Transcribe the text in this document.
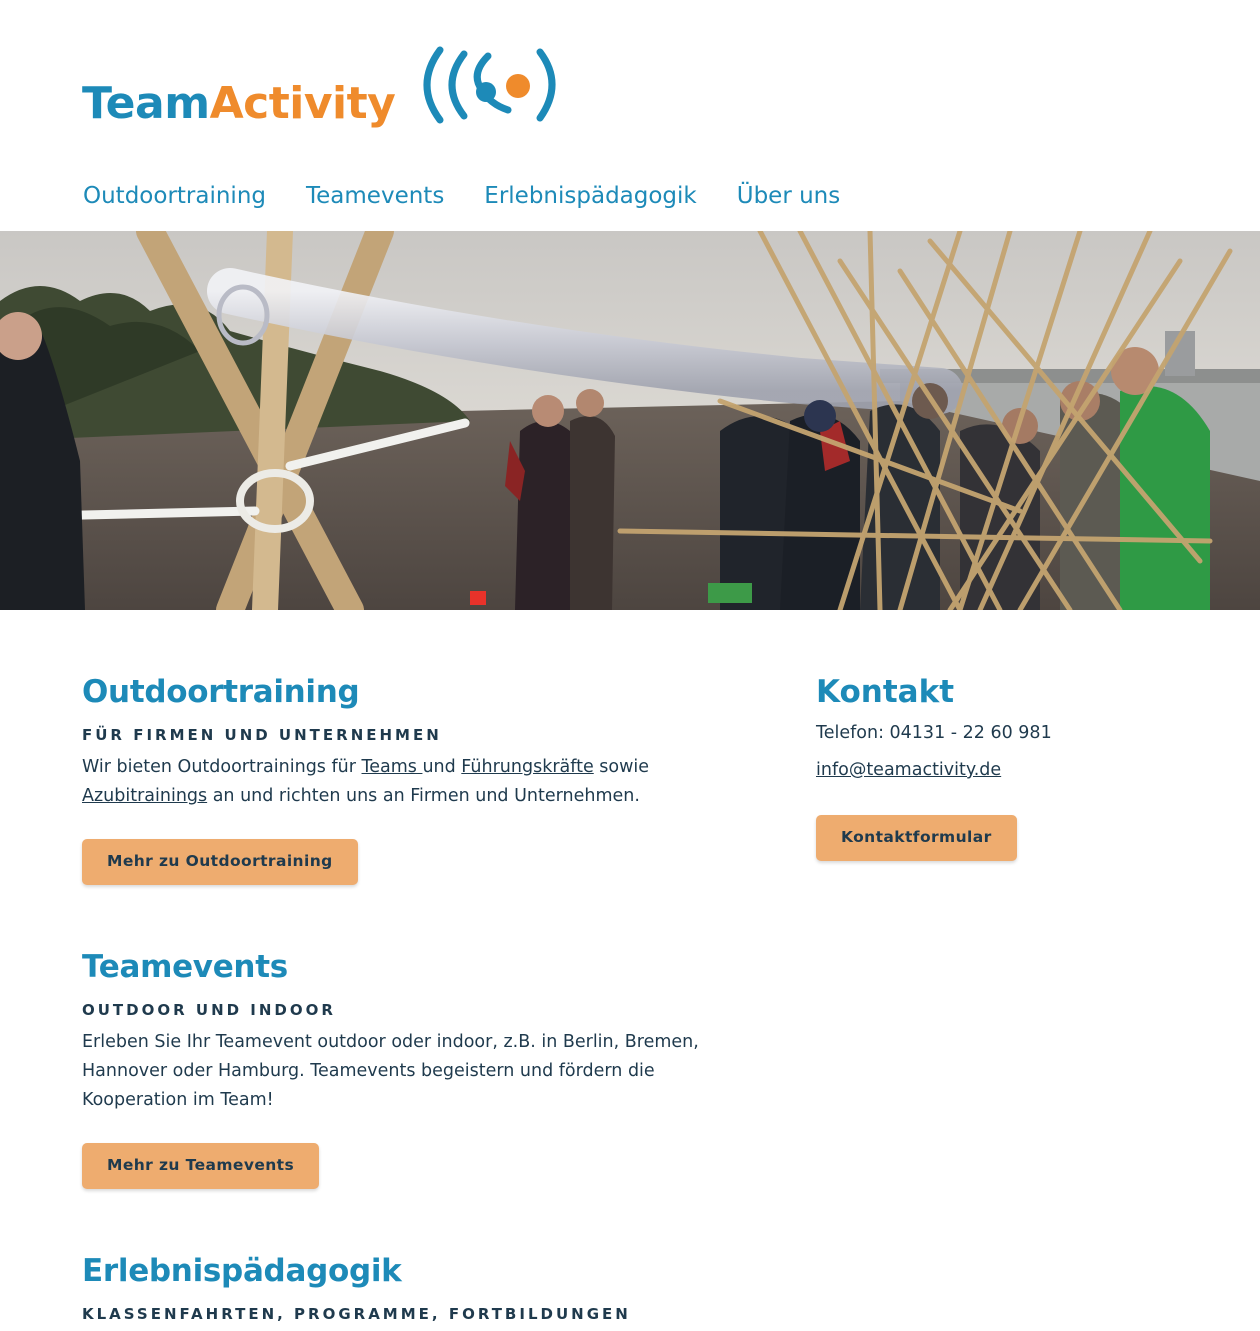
TeamActivity
Outdoortraining Teamevents Erlebnispädagogik Über uns
Outdoortraining
FÜR FIRMEN UND UNTERNEHMEN

Wir bieten Outdoortrainings für Teams und Führungskräfte sowie Azubitrainings an und richten uns an Firmen und Unternehmen.

Mehr zu Outdoortraining
Teamevents
OUTDOOR UND INDOOR

Erleben Sie Ihr Teamevent outdoor oder indoor, z.B. in Berlin, Bremen, Hannover oder Hamburg. Teamevents begeistern und fördern die Kooperation im Team!

Mehr zu Teamevents
Erlebnispädagogik
KLASSENFAHRTEN, PROGRAMME, FORTBILDUNGEN
Kontakt

Telefon: 04131 - 22 60 981

info@teamactivity.de

Kontaktformular
